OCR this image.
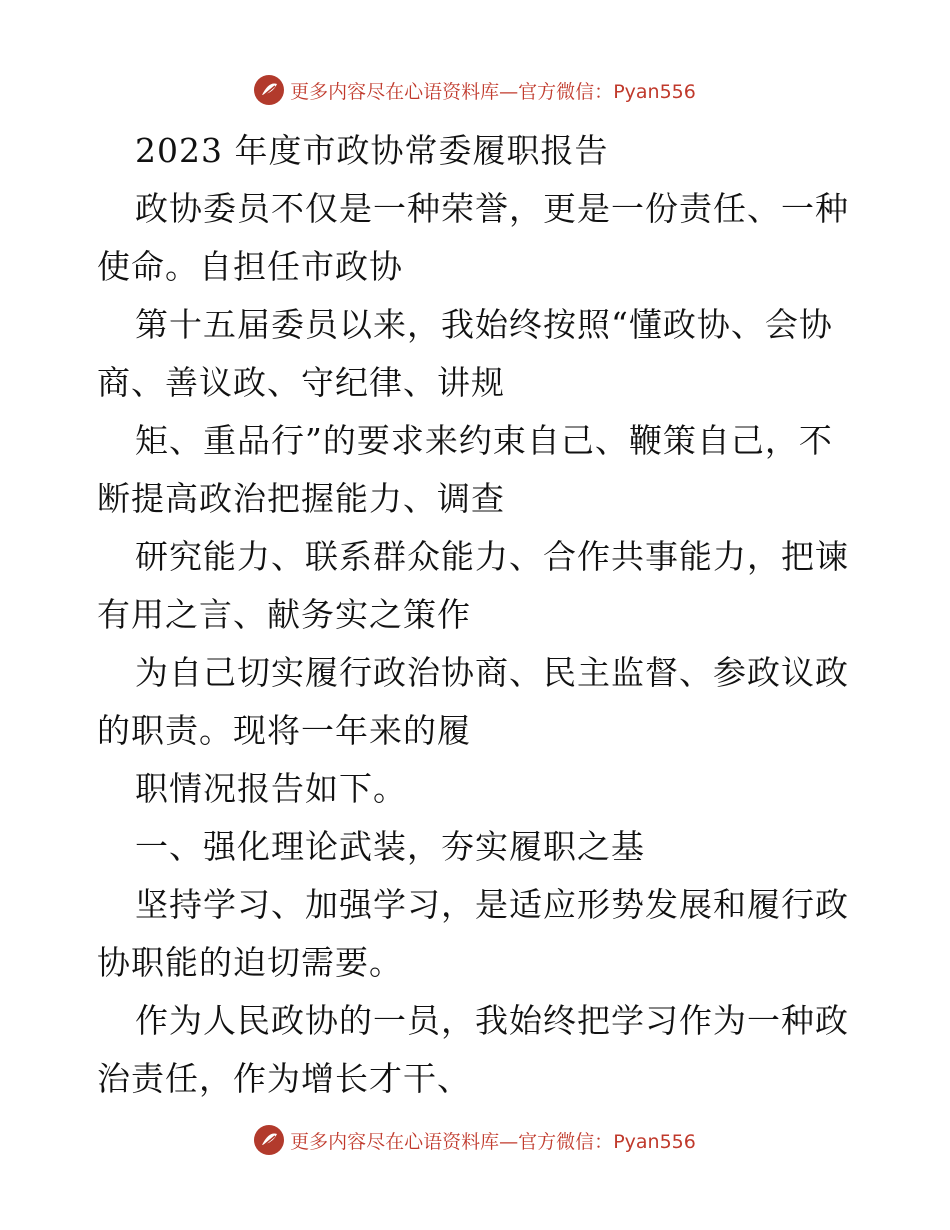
更多内容尽在心语资料库—官方微信：Pyan556
2023 年度市政协常委履职报告
政协委员不仅是一种荣誉，更是一份责任、一种
使命。自担任市政协
第十五届委员以来，我始终按照“懂政协、会协
商、善议政、守纪律、讲规
矩、重品行”的要求来约束自己、鞭策自己，不
断提高政治把握能力、调查
研究能力、联系群众能力、合作共事能力，把谏
有用之言、献务实之策作
为自己切实履行政治协商、民主监督、参政议政
的职责。现将一年来的履
职情况报告如下。
一、强化理论武装，夯实履职之基
坚持学习、加强学习，是适应形势发展和履行政
协职能的迫切需要。
作为人民政协的一员，我始终把学习作为一种政
治责任，作为增长才干、
更多内容尽在心语资料库—官方微信：Pyan556
